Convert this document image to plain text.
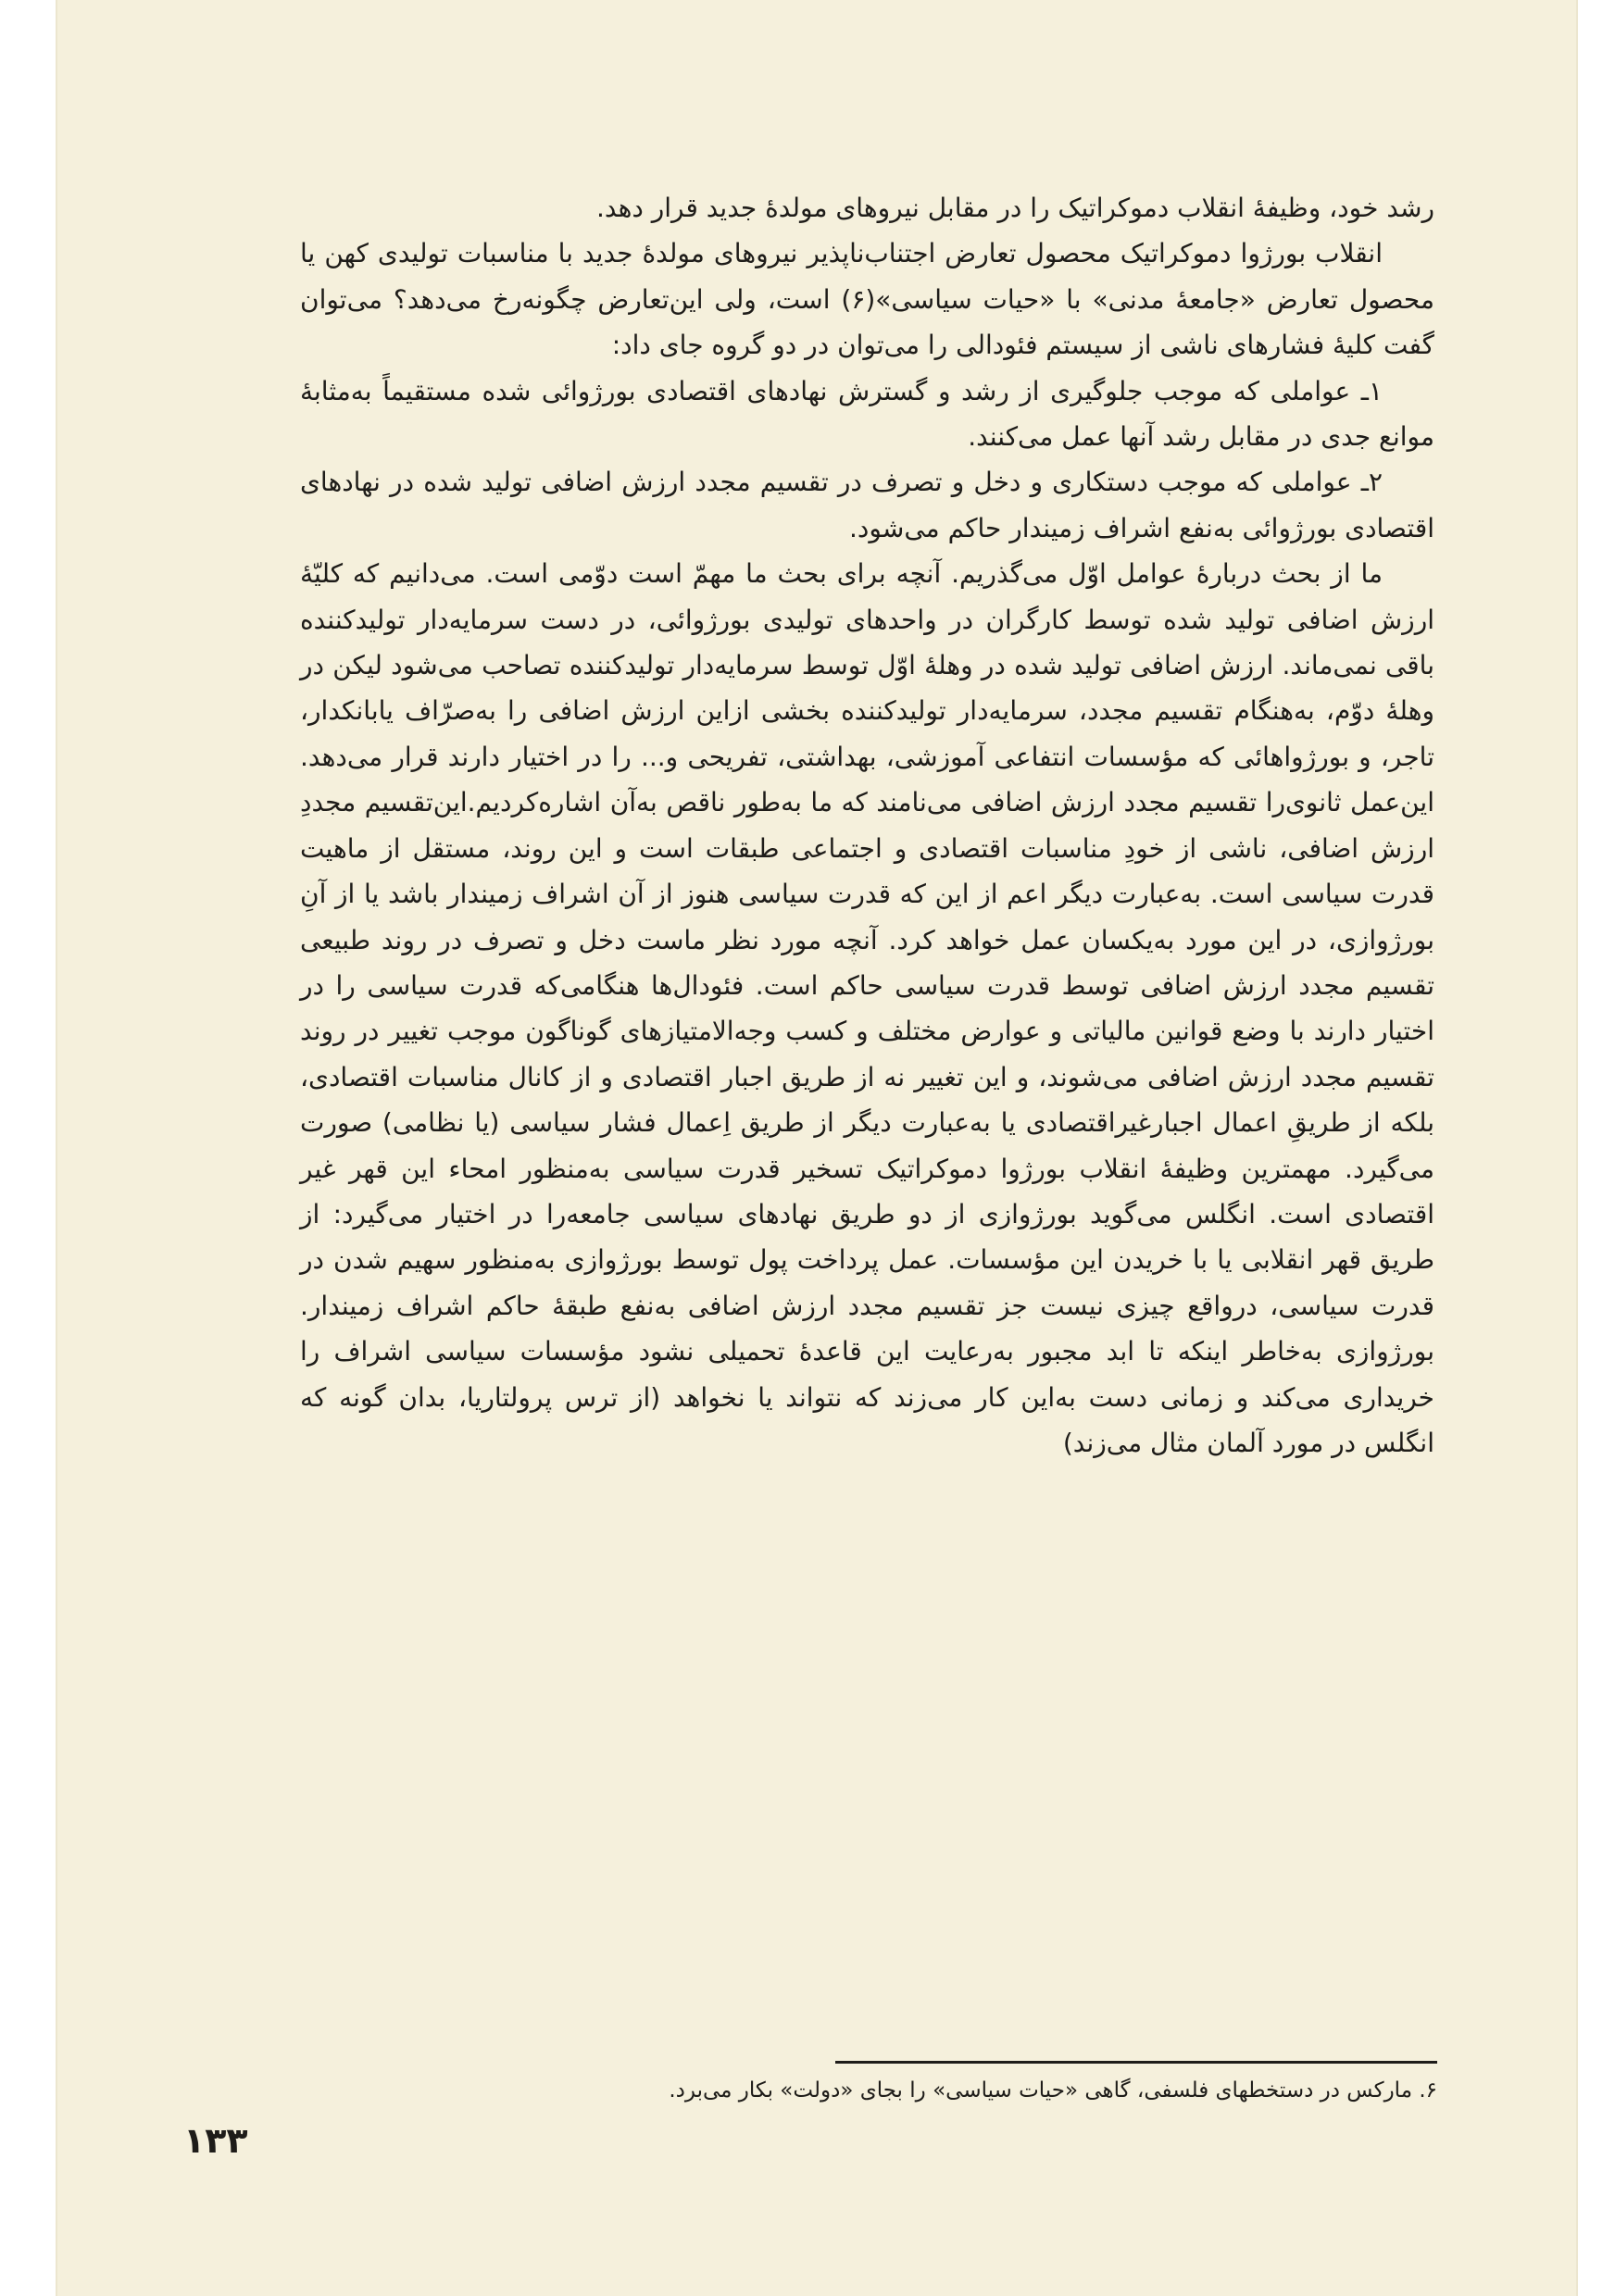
رشد خود، وظیفهٔ انقلاب دموکراتیک را در مقابل نیروهای مولدهٔ جدید قرار دهد.

انقلاب بورژوا دموکراتیک محصول تعارض اجتناب‌ناپذیر نیروهای مولدهٔ جدید با مناسبات تولیدی کهن یا محصول تعارض «جامعهٔ مدنی» با «حیات سیاسی»(۶) است، ولی این‌تعارض چگونه‌رخ می‌دهد؟ می‌توان گفت کلیهٔ فشارهای ناشی از سیستم فئودالی را می‌توان در دو گروه جای داد:

۱ـ عواملی که موجب جلوگیری از رشد و گسترش نهادهای اقتصادی بورژوائی شده مستقیماً به‌مثابهٔ موانع جدی در مقابل رشد آنها عمل می‌کنند.

۲ـ عواملی که موجب دستکاری و دخل و تصرف در تقسیم مجدد ارزش اضافی تولید شده در نهادهای اقتصادی بورژوائی به‌نفع اشراف زمیندار حاکم می‌شود.

ما از بحث دربارهٔ عوامل اوّل می‌گذریم. آنچه برای بحث ما مهمّ است دوّمی است. می‌دانیم که کلیّهٔ ارزش اضافی تولید شده توسط کارگران در واحدهای تولیدی بورژوائی، در دست سرمایه‌دار تولیدکننده باقی نمی‌ماند. ارزش اضافی تولید شده در وهلهٔ اوّل توسط سرمایه‌دار تولیدکننده تصاحب می‌شود لیکن در وهلهٔ دوّم، به‌هنگام تقسیم مجدد، سرمایه‌دار تولیدکننده بخشی ازاین ارزش اضافی را به‌صرّاف یابانکدار، تاجر، و بورژواهائی که مؤسسات انتفاعی آموزشی، بهداشتی، تفریحی و... را در اختیار دارند قرار می‌دهد. این‌عمل ثانوی‌را تقسیم مجدد ارزش اضافی می‌نامند که ما به‌طور ناقص به‌آن اشاره‌کردیم.این‌تقسیم مجددِ ارزش اضافی، ناشی از خودِ مناسبات اقتصادی و اجتماعی طبقات است و این روند، مستقل از ماهیت قدرت سیاسی است. به‌عبارت دیگر اعم از این که قدرت سیاسی هنوز از آن اشراف زمیندار باشد یا از آنِ بورژوازی، در این مورد به‌یکسان عمل خواهد کرد. آنچه مورد نظر ماست دخل و تصرف در روند طبیعی تقسیم مجدد ارزش اضافی توسط قدرت سیاسی حاکم است. فئودال‌ها هنگامی‌که قدرت سیاسی را در اختیار دارند با وضع قوانین مالیاتی و عوارض مختلف و کسب وجه‌الامتیازهای گوناگون موجب تغییر در روند تقسیم مجدد ارزش اضافی می‌شوند، و این تغییر نه از طریق اجبار اقتصادی و از کانال مناسبات اقتصادی، بلکه از طریقِ اعمال اجبارغیراقتصادی یا به‌عبارت دیگر از طریق اِعمال فشار سیاسی (یا نظامی) صورت می‌گیرد. مهمترین وظیفهٔ انقلاب بورژوا دموکراتیک تسخیر قدرت سیاسی به‌منظور امحاء این قهر غیر اقتصادی است. انگلس می‌گوید بورژوازی از دو طریق نهادهای سیاسی جامعه‌را در اختیار می‌گیرد: از طریق قهر انقلابی یا با خریدن این مؤسسات. عمل پرداخت پول توسط بورژوازی به‌منظور سهیم شدن در قدرت سیاسی، درواقع چیزی نیست جز تقسیم مجدد ارزش اضافی به‌نفع طبقهٔ حاکم اشراف زمیندار. بورژوازی به‌خاطر اینکه تا ابد مجبور به‌رعایت این قاعدهٔ تحمیلی نشود مؤسسات سیاسی اشراف را خریداری می‌کند و زمانی دست به‌این کار می‌زند که نتواند یا نخواهد (از ترس پرولتاریا، بدان گونه که انگلس در مورد آلمان مثال می‌زند)

۶. مارکس در دستخطهای فلسفی، گاهی «حیات سیاسی» را بجای «دولت» بکار می‌برد.
۱۳۳
